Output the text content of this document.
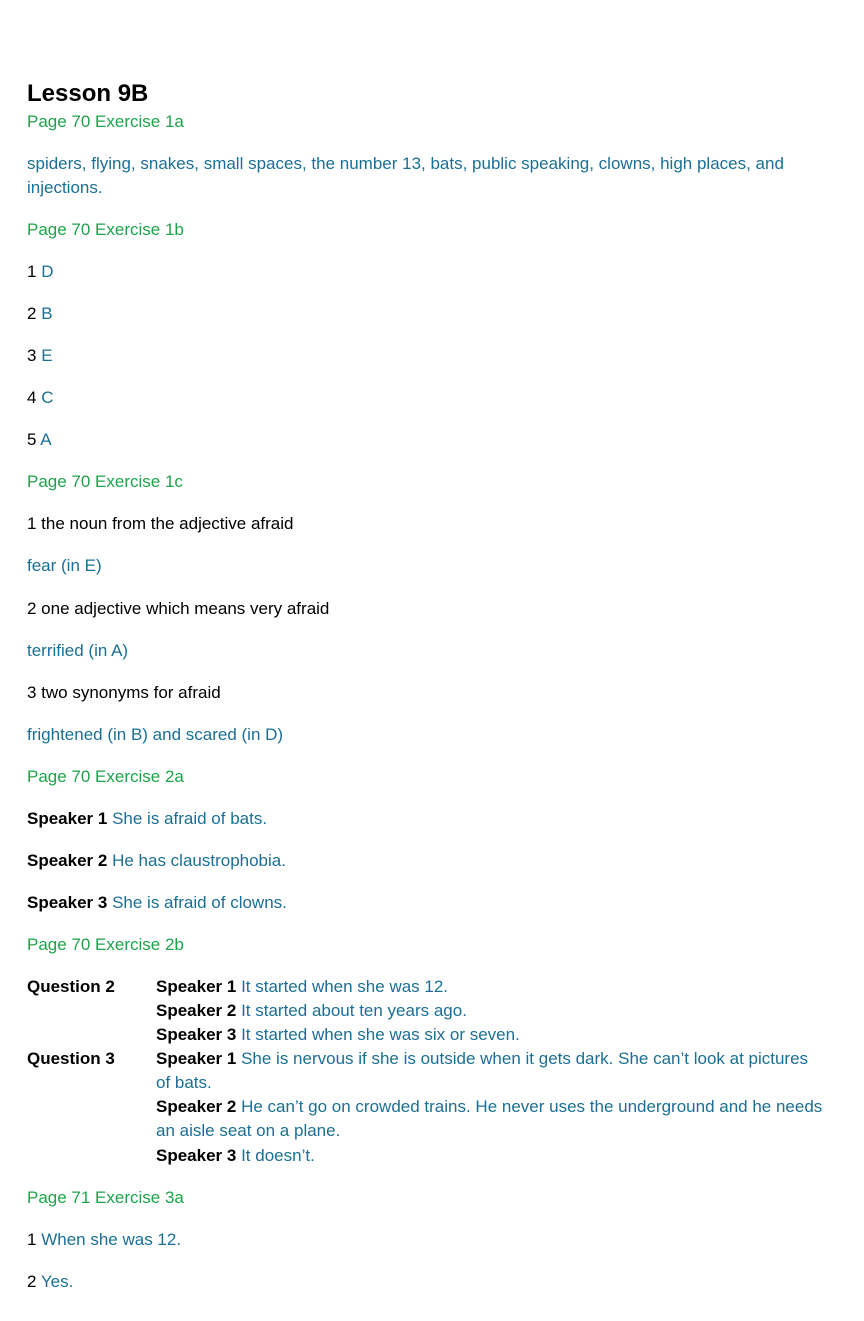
Lesson 9B
Page 70 Exercise 1a
spiders, flying, snakes, small spaces, the number 13, bats, public speaking, clowns, high places, and injections.
Page 70 Exercise 1b
1 D
2 B
3 E
4 C
5 A
Page 70 Exercise 1c
1 the noun from the adjective afraid
fear (in E)
2 one adjective which means very afraid
terrified (in A)
3 two synonyms for afraid
frightened (in B) and scared (in D)
Page 70 Exercise 2a
Speaker 1 She is afraid of bats.
Speaker 2 He has claustrophobia.
Speaker 3 She is afraid of clowns.
Page 70 Exercise 2b
Question 2 Speaker 1 It started when she was 12.
Speaker 2 It started about ten years ago.
Speaker 3 It started when she was six or seven.
Question 3 Speaker 1 She is nervous if she is outside when it gets dark. She can’t look at pictures of bats.
Speaker 2 He can’t go on crowded trains. He never uses the underground and he needs an aisle seat on a plane.
Speaker 3 It doesn’t.
Page 71 Exercise 3a
1 When she was 12.
2 Yes.
